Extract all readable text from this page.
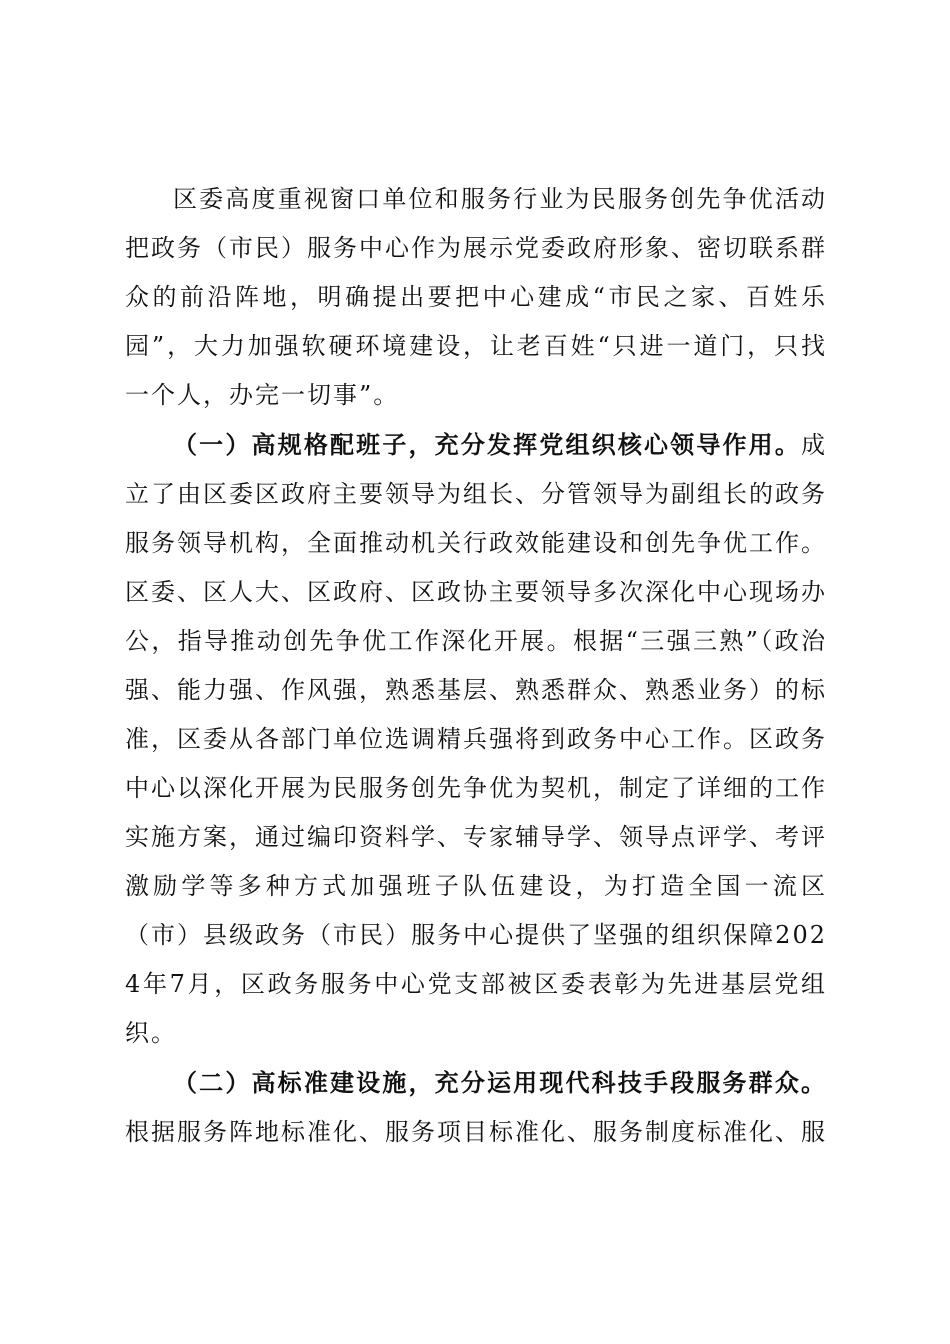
区委高度重视窗口单位和服务行业为民服务创先争优活动把政务（市民）服务中心作为展示党委政府形象、密切联系群众的前沿阵地，明确提出要把中心建成“市民之家、百姓乐园”，大力加强软硬环境建设，让老百姓“只进一道门，只找一个人，办完一切事”。

（一）高规格配班子，充分发挥党组织核心领导作用。成立了由区委区政府主要领导为组长、分管领导为副组长的政务服务领导机构，全面推动机关行政效能建设和创先争优工作。区委、区人大、区政府、区政协主要领导多次深化中心现场办公，指导推动创先争优工作深化开展。根据“三强三熟”（政治强、能力强、作风强，熟悉基层、熟悉群众、熟悉业务）的标准，区委从各部门单位选调精兵强将到政务中心工作。区政务中心以深化开展为民服务创先争优为契机，制定了详细的工作实施方案，通过编印资料学、专家辅导学、领导点评学、考评激励学等多种方式加强班子队伍建设，为打造全国一流区（市）县级政务（市民）服务中心提供了坚强的组织保障2024年7月，区政务服务中心党支部被区委表彰为先进基层党组织。

（二）高标准建设施，充分运用现代科技手段服务群众。根据服务阵地标准化、服务项目标准化、服务制度标准化、服
